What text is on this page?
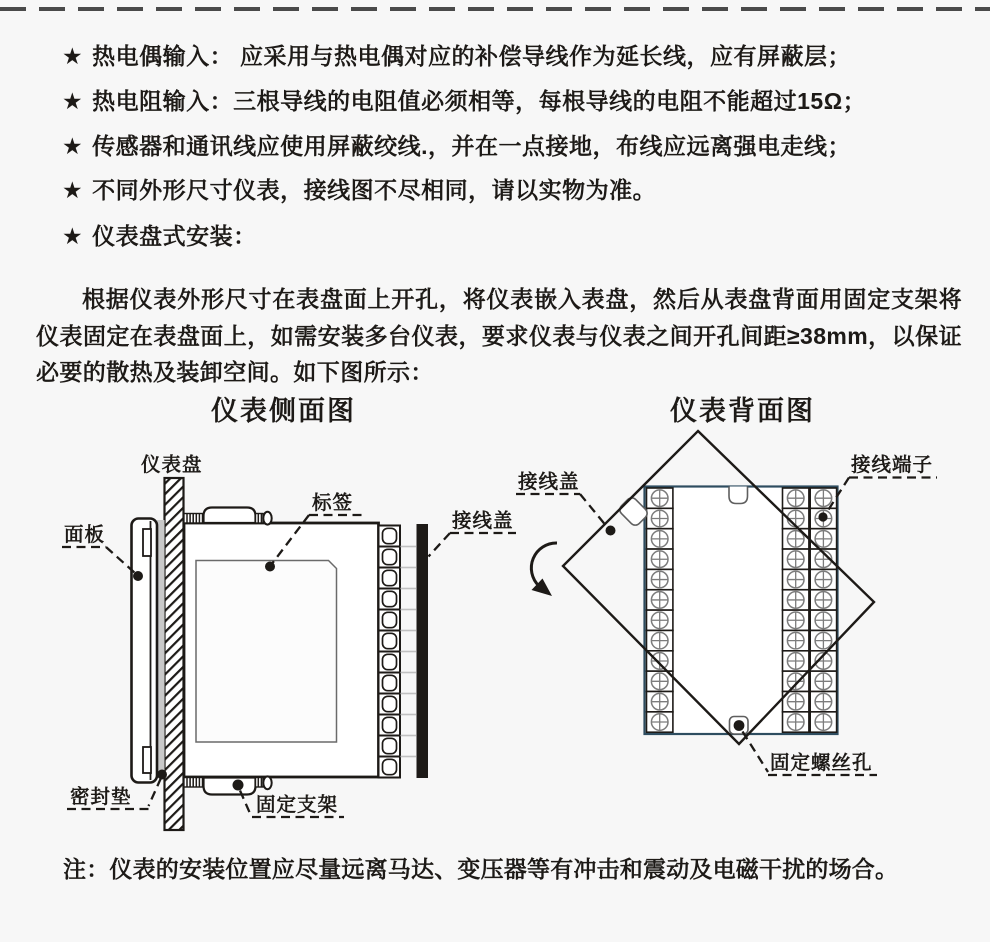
★ 热电偶输入： 应采用与热电偶对应的补偿导线作为延长线，应有屏蔽层；
★ 热电阻输入：三根导线的电阻值必须相等，每根导线的电阻不能超过15Ω；
★ 传感器和通讯线应使用屏蔽绞线.，并在一点接地，布线应远离强电走线；
★ 不同外形尺寸仪表，接线图不尽相同，请以实物为准。
★ 仪表盘式安装：

根据仪表外形尺寸在表盘面上开孔，将仪表嵌入表盘，然后从表盘背面用固定支架将仪表固定在表盘面上，如需安装多台仪表，要求仪表与仪表之间开孔间距≥38mm，以保证必要的散热及装卸空间。如下图所示：

仪表侧面图	仪表背面图
仪表盘
面板
标签
接线盖
密封垫	固定支架
接线盖
接线端子
固定螺丝孔
注：仪表的安装位置应尽量远离马达、变压器等有冲击和震动及电磁干扰的场合。
